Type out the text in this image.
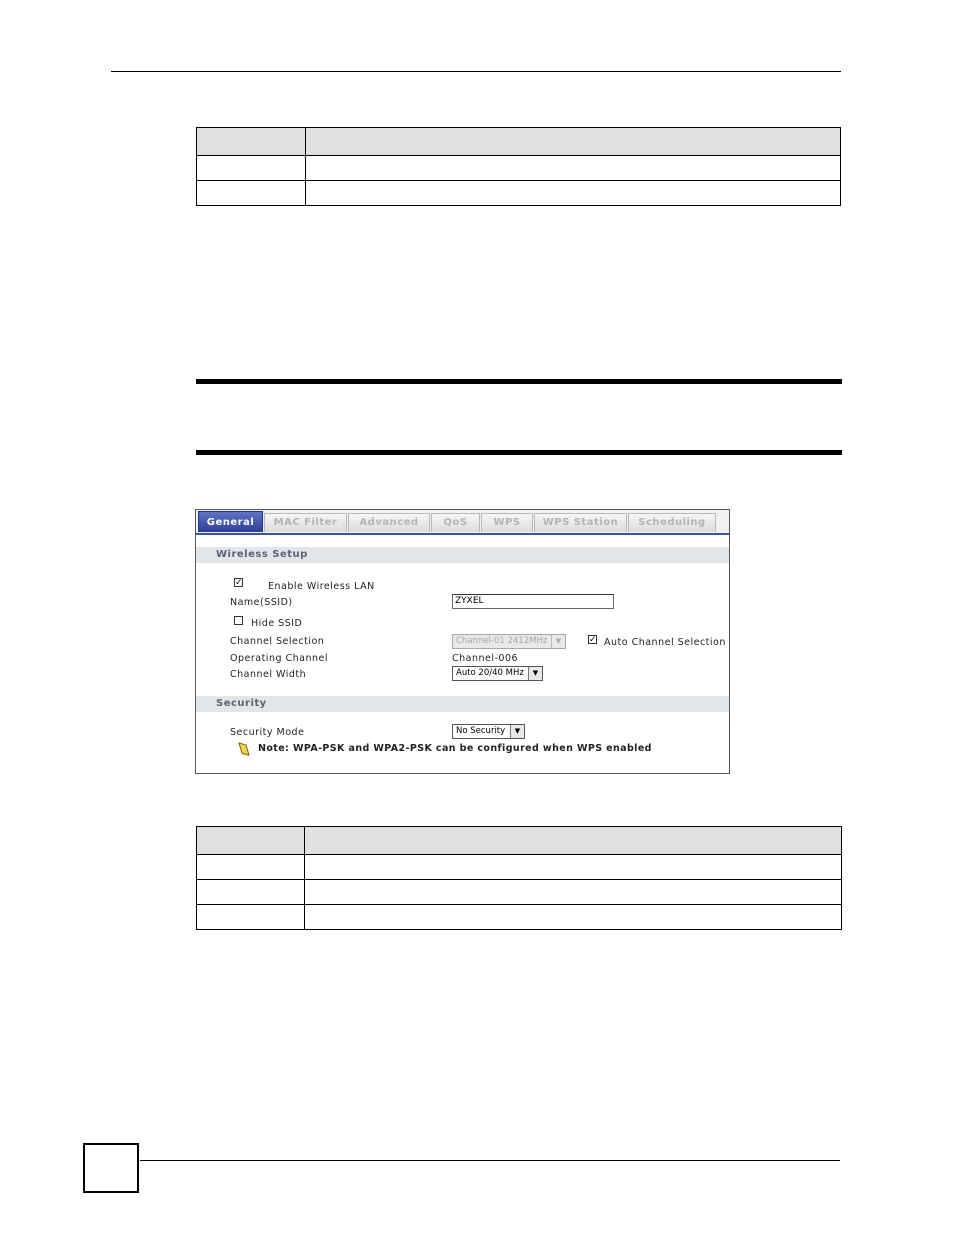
General	MAC Filter	Advanced	QoS	WPS	WPS Station	Scheduling
Wireless Setup
✓	Enable Wireless LAN
Name(SSID)	ZYXEL
Hide SSID
Channel Selection	Channel-01 2412MHz	▼	✓ Auto Channel Selection
Operating Channel	Channel-006
Channel Width	Auto 20/40 MHz	▼
Security
Security Mode	No Security	▼
Note: WPA-PSK and WPA2-PSK can be configured when WPS enabled
